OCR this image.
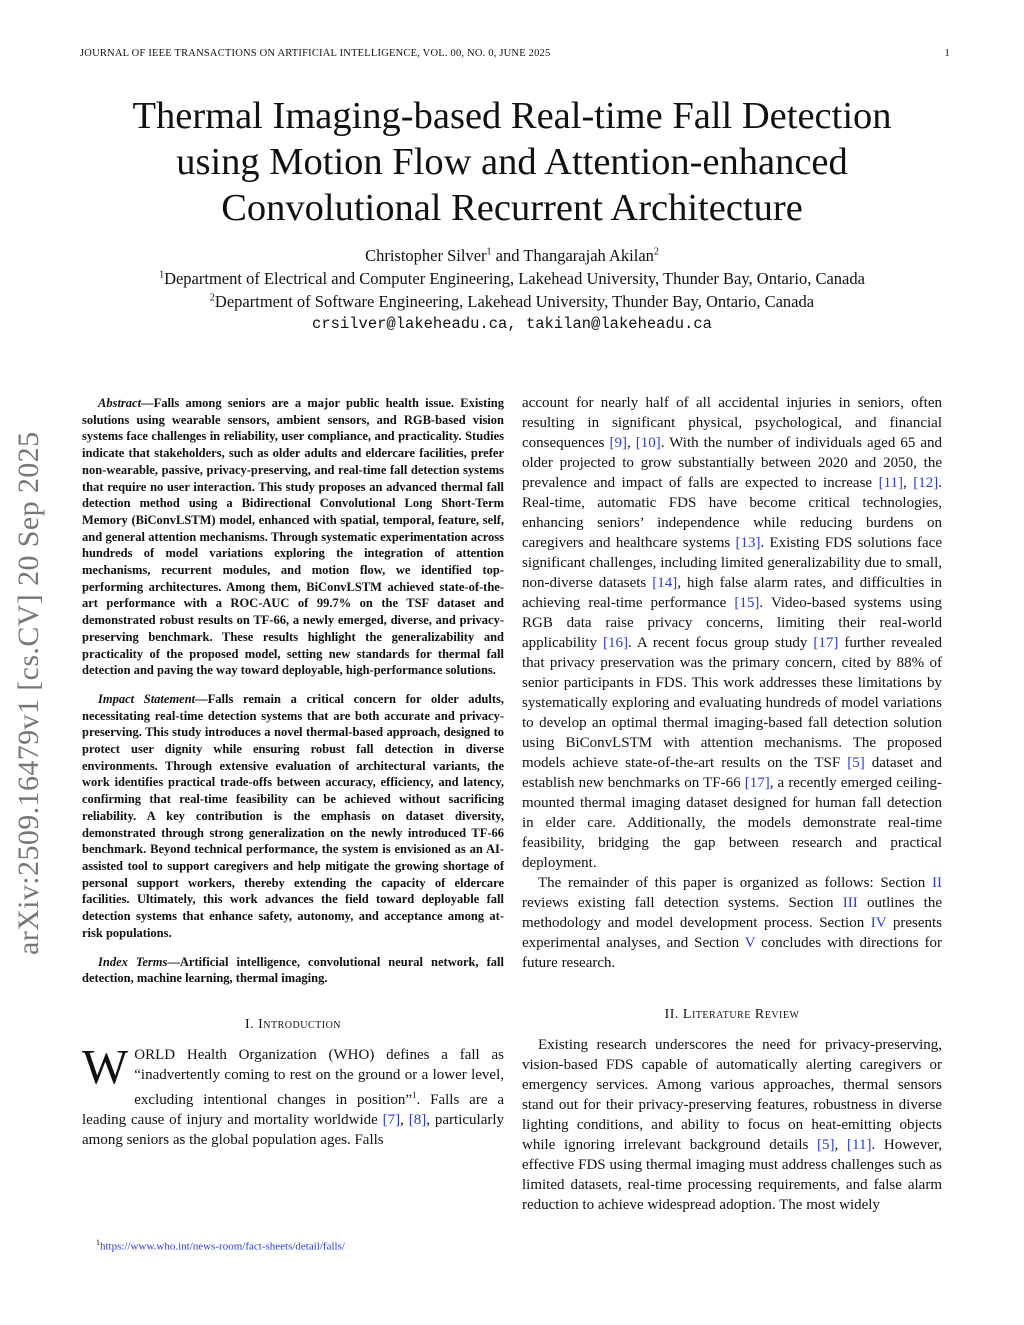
JOURNAL OF IEEE TRANSACTIONS ON ARTIFICIAL INTELLIGENCE, VOL. 00, NO. 0, JUNE 2025	1
Thermal Imaging-based Real-time Fall Detection
using Motion Flow and Attention-enhanced
Convolutional Recurrent Architecture
Christopher Silver$^1$ and Thangarajah Akilan$^2$
$^1$Department of Electrical and Computer Engineering, Lakehead University, Thunder Bay, Ontario, Canada
$^2$Department of Software Engineering, Lakehead University, Thunder Bay, Ontario, Canada
crsilver@lakeheadu.ca, takilan@lakeheadu.ca
arXiv:2509.16479v1 [cs.CV] 20 Sep 2025

Abstract—Falls among seniors are a major public health issue. Existing solutions using wearable sensors, ambient sensors, and RGB-based vision systems face challenges in reliability, user compliance, and practicality. Studies indicate that stakeholders, such as older adults and eldercare facilities, prefer non-wearable, passive, privacy-preserving, and real-time fall detection systems that require no user interaction. This study proposes an advanced thermal fall detection method using a Bidirectional Convolutional Long Short-Term Memory (BiConvLSTM) model, enhanced with spatial, temporal, feature, self, and general attention mechanisms. Through systematic experimentation across hundreds of model variations exploring the integration of attention mechanisms, recurrent modules, and motion flow, we identified top-performing architectures. Among them, BiConvLSTM achieved state-of-the-art performance with a ROC-AUC of 99.7% on the TSF dataset and demonstrated robust results on TF-66, a newly emerged, diverse, and privacy-preserving benchmark. These results highlight the generalizability and practicality of the proposed model, setting new standards for thermal fall detection and paving the way toward deployable, high-performance solutions.

Impact Statement—Falls remain a critical concern for older adults, necessitating real-time detection systems that are both accurate and privacy-preserving. This study introduces a novel thermal-based approach, designed to protect user dignity while ensuring robust fall detection in diverse environments. Through extensive evaluation of architectural variants, the work identifies practical trade-offs between accuracy, efficiency, and latency, confirming that real-time feasibility can be achieved without sacrificing reliability. A key contribution is the emphasis on dataset diversity, demonstrated through strong generalization on the newly introduced TF-66 benchmark. Beyond technical performance, the system is envisioned as an AI-assisted tool to support caregivers and help mitigate the growing shortage of personal support workers, thereby extending the capacity of eldercare facilities. Ultimately, this work advances the field toward deployable fall detection systems that enhance safety, autonomy, and acceptance among at-risk populations.

Index Terms—Artificial intelligence, convolutional neural network, fall detection, machine learning, thermal imaging.

I. Introduction

WORLD Health Organization (WHO) defines a fall as “inadvertently coming to rest on the ground or a lower level, excluding intentional changes in position”$^1$. Falls are a leading cause of injury and mortality worldwide [7], [8], particularly among seniors as the global population ages. Falls

$^1$https://www.who.int/news-room/fact-sheets/detail/falls/

account for nearly half of all accidental injuries in seniors, often resulting in significant physical, psychological, and financial consequences [9], [10]. With the number of individuals aged 65 and older projected to grow substantially between 2020 and 2050, the prevalence and impact of falls are expected to increase [11], [12]. Real-time, automatic FDS have become critical technologies, enhancing seniors’ independence while reducing burdens on caregivers and healthcare systems [13]. Existing FDS solutions face significant challenges, including limited generalizability due to small, non-diverse datasets [14], high false alarm rates, and difficulties in achieving real-time performance [15]. Video-based systems using RGB data raise privacy concerns, limiting their real-world applicability [16]. A recent focus group study [17] further revealed that privacy preservation was the primary concern, cited by 88% of senior participants in FDS. This work addresses these limitations by systematically exploring and evaluating hundreds of model variations to develop an optimal thermal imaging-based fall detection solution using BiConvLSTM with attention mechanisms. The proposed models achieve state-of-the-art results on the TSF [5] dataset and establish new benchmarks on TF-66 [17], a recently emerged ceiling-mounted thermal imaging dataset designed for human fall detection in elder care. Additionally, the models demonstrate real-time feasibility, bridging the gap between research and practical deployment.

The remainder of this paper is organized as follows: Section II reviews existing fall detection systems. Section III outlines the methodology and model development process. Section IV presents experimental analyses, and Section V concludes with directions for future research.

II. Literature Review

Existing research underscores the need for privacy-preserving, vision-based FDS capable of automatically alerting caregivers or emergency services. Among various approaches, thermal sensors stand out for their privacy-preserving features, robustness in diverse lighting conditions, and ability to focus on heat-emitting objects while ignoring irrelevant background details [5], [11]. However, effective FDS using thermal imaging must address challenges such as limited datasets, real-time processing requirements, and false alarm reduction to achieve widespread adoption. The most widely
